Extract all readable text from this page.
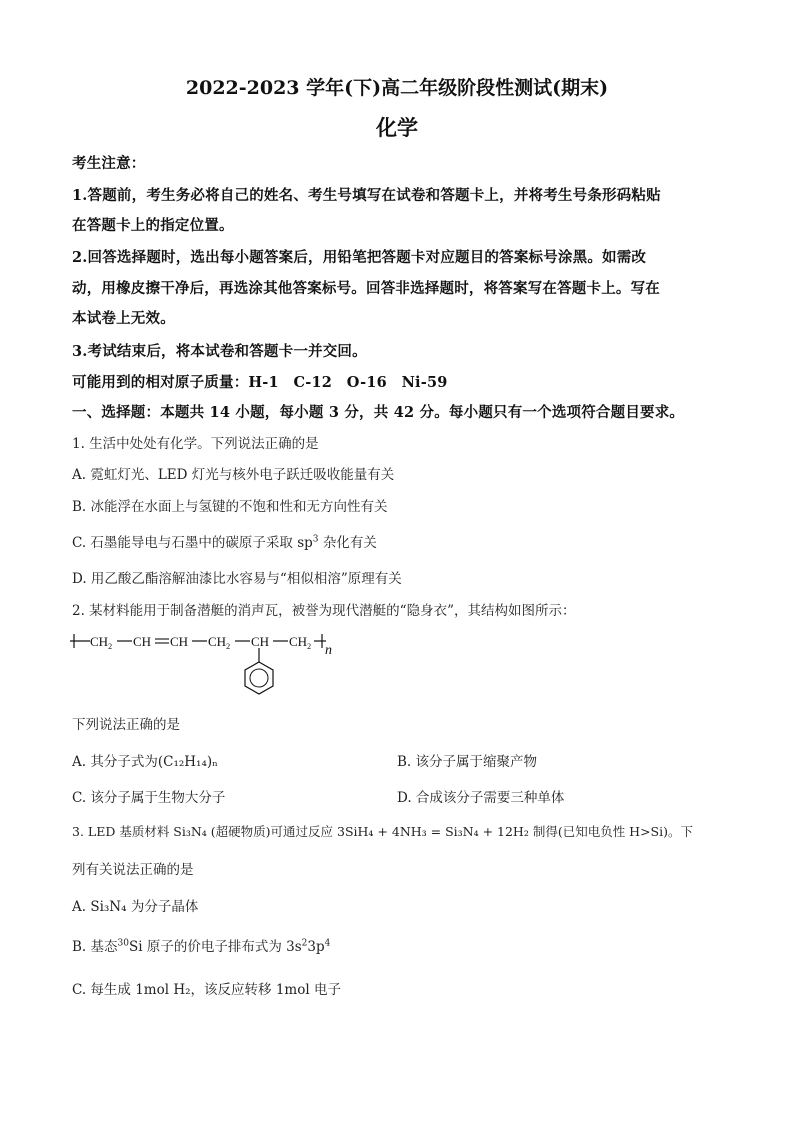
2022-2023 学年(下)高二年级阶段性测试(期末)
化学
考生注意：
1.答题前，考生务必将自己的姓名、考生号填写在试卷和答题卡上，并将考生号条形码粘贴
在答题卡上的指定位置。
2.回答选择题时，选出每小题答案后，用铅笔把答题卡对应题目的答案标号涂黑。如需改
动，用橡皮擦干净后，再选涂其他答案标号。回答非选择题时，将答案写在答题卡上。写在
本试卷上无效。
3.考试结束后，将本试卷和答题卡一并交回。
可能用到的相对原子质量：H-1　C-12　O-16　Ni-59
一、选择题：本题共 14 小题，每小题 3 分，共 42 分。每小题只有一个选项符合题目要求。
1. 生活中处处有化学。下列说法正确的是
A. 霓虹灯光、LED 灯光与核外电子跃迁吸收能量有关
B. 冰能浮在水面上与氢键的不饱和性和无方向性有关
C. 石墨能导电与石墨中的碳原子采取 $sp^3$ 杂化有关
D. 用乙酸乙酯溶解油漆比水容易与“相似相溶”原理有关
2. 某材料能用于制备潜艇的消声瓦，被誉为现代潜艇的“隐身衣”，其结构如图所示：
$CH_2$ CH CH $CH_2$ CH $CH_2$ n
下列说法正确的是
A. 其分子式为(C₁₂H₁₄)ₙ	B. 该分子属于缩聚产物
C. 该分子属于生物大分子	D. 合成该分子需要三种单体
3. LED 基质材料 Si₃N₄ (超硬物质)可通过反应 3SiH₄ + 4NH₃ = Si₃N₄ + 12H₂ 制得(已知电负性 H>Si)。下
列有关说法正确的是
A. Si₃N₄ 为分子晶体
B. 基态$^{30}$Si 原子的价电子排布式为 $3s^23p^4$
C. 每生成 1mol H₂，该反应转移 1mol 电子
